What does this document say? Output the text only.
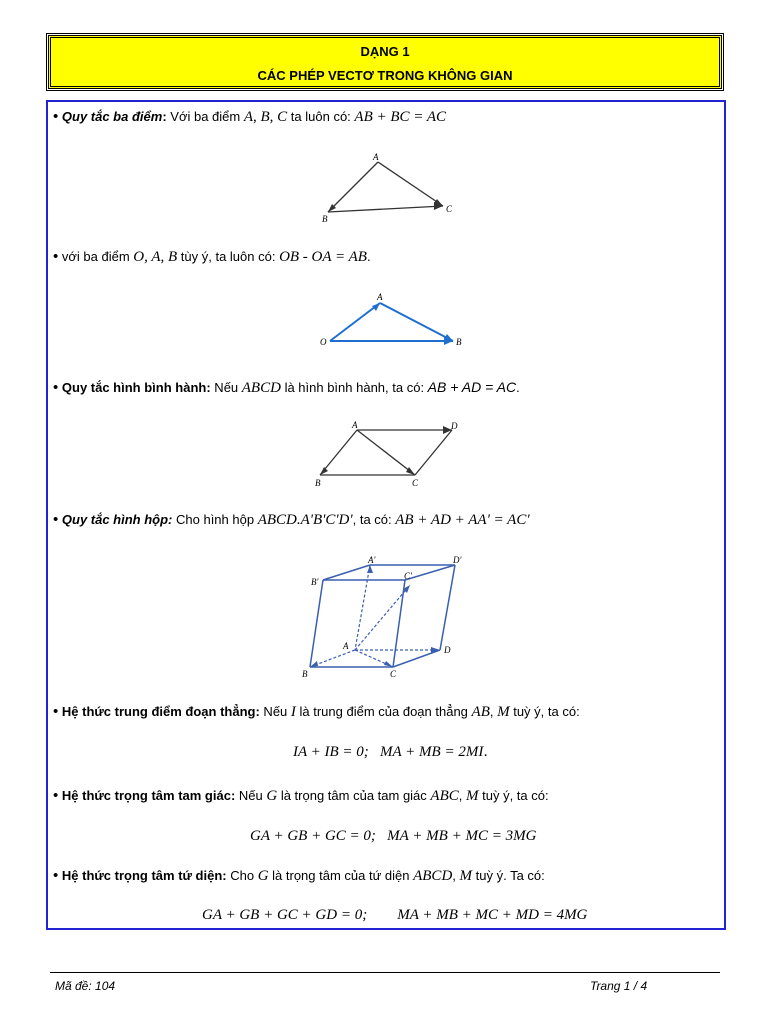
DẠNG 1
CÁC PHÉP VECTƠ TRONG KHÔNG GIAN
• Quy tắc ba điểm: Với ba điểm A, B, C ta luôn có: AB + BC = AC
A
B
C
• với ba điểm O, A, B tùy ý, ta luôn có: OB - OA = AB.
A
O	B
• Quy tắc hình bình hành: Nếu ABCD là hình bình hành, ta có: AB + AD = AC.
A	D
B	C
• Quy tắc hình hộp: Cho hình hộp ABCD.A'B'C'D', ta có: AB + AD + AA' = AC'
A'	D'
B'
C'
A	D
B	C
• Hệ thức trung điểm đoạn thẳng: Nếu I là trung điểm của đoạn thẳng AB, M tuỳ ý, ta có:
IA + IB = 0;   MA + MB = 2MI.
• Hệ thức trọng tâm tam giác: Nếu G là trọng tâm của tam giác ABC, M tuỳ ý, ta có:
GA + GB + GC = 0;   MA + MB + MC = 3MG
• Hệ thức trọng tâm tứ diện: Cho G là trọng tâm của tứ diện ABCD, M tuỳ ý. Ta có:
GA + GB + GC + GD = 0;        MA + MB + MC + MD = 4MG
Mã đề: 104	Trang 1 / 4
